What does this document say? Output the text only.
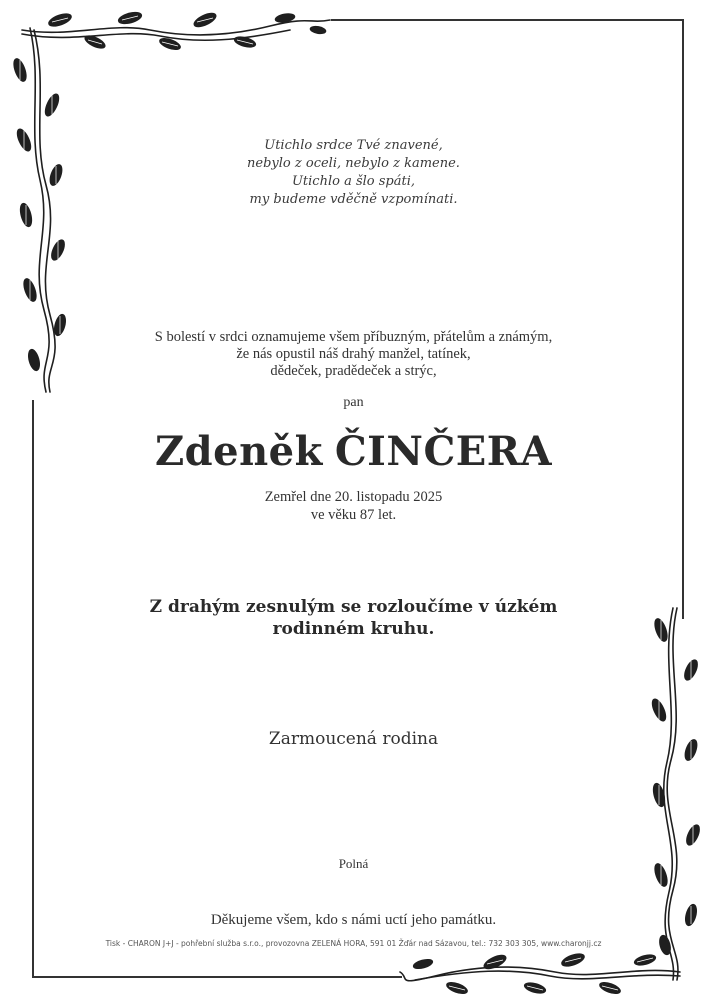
Utichlo srdce Tvé znavené,
nebylo z oceli, nebylo z kamene.
Utichlo a šlo spáti,
my budeme vděčně vzpomínati.
S bolestí v srdci oznamujeme všem příbuzným, přátelům a známým,
že nás opustil náš drahý manžel, tatínek,
dědeček, pradědeček a strýc,
pan
Zdeněk ČINČERA
Zemřel dne 20. listopadu 2025
ve věku 87 let.
Z drahým zesnulým se rozloučíme v úzkém
rodinném kruhu.
Zarmoucená rodina
Polná
Děkujeme všem, kdo s námi uctí jeho památku.
Tisk - CHARON J+J - pohřební služba s.r.o., provozovna ZELENÁ HORA, 591 01 Žďár nad Sázavou, tel.: 732 303 305, www.charonjj.cz
